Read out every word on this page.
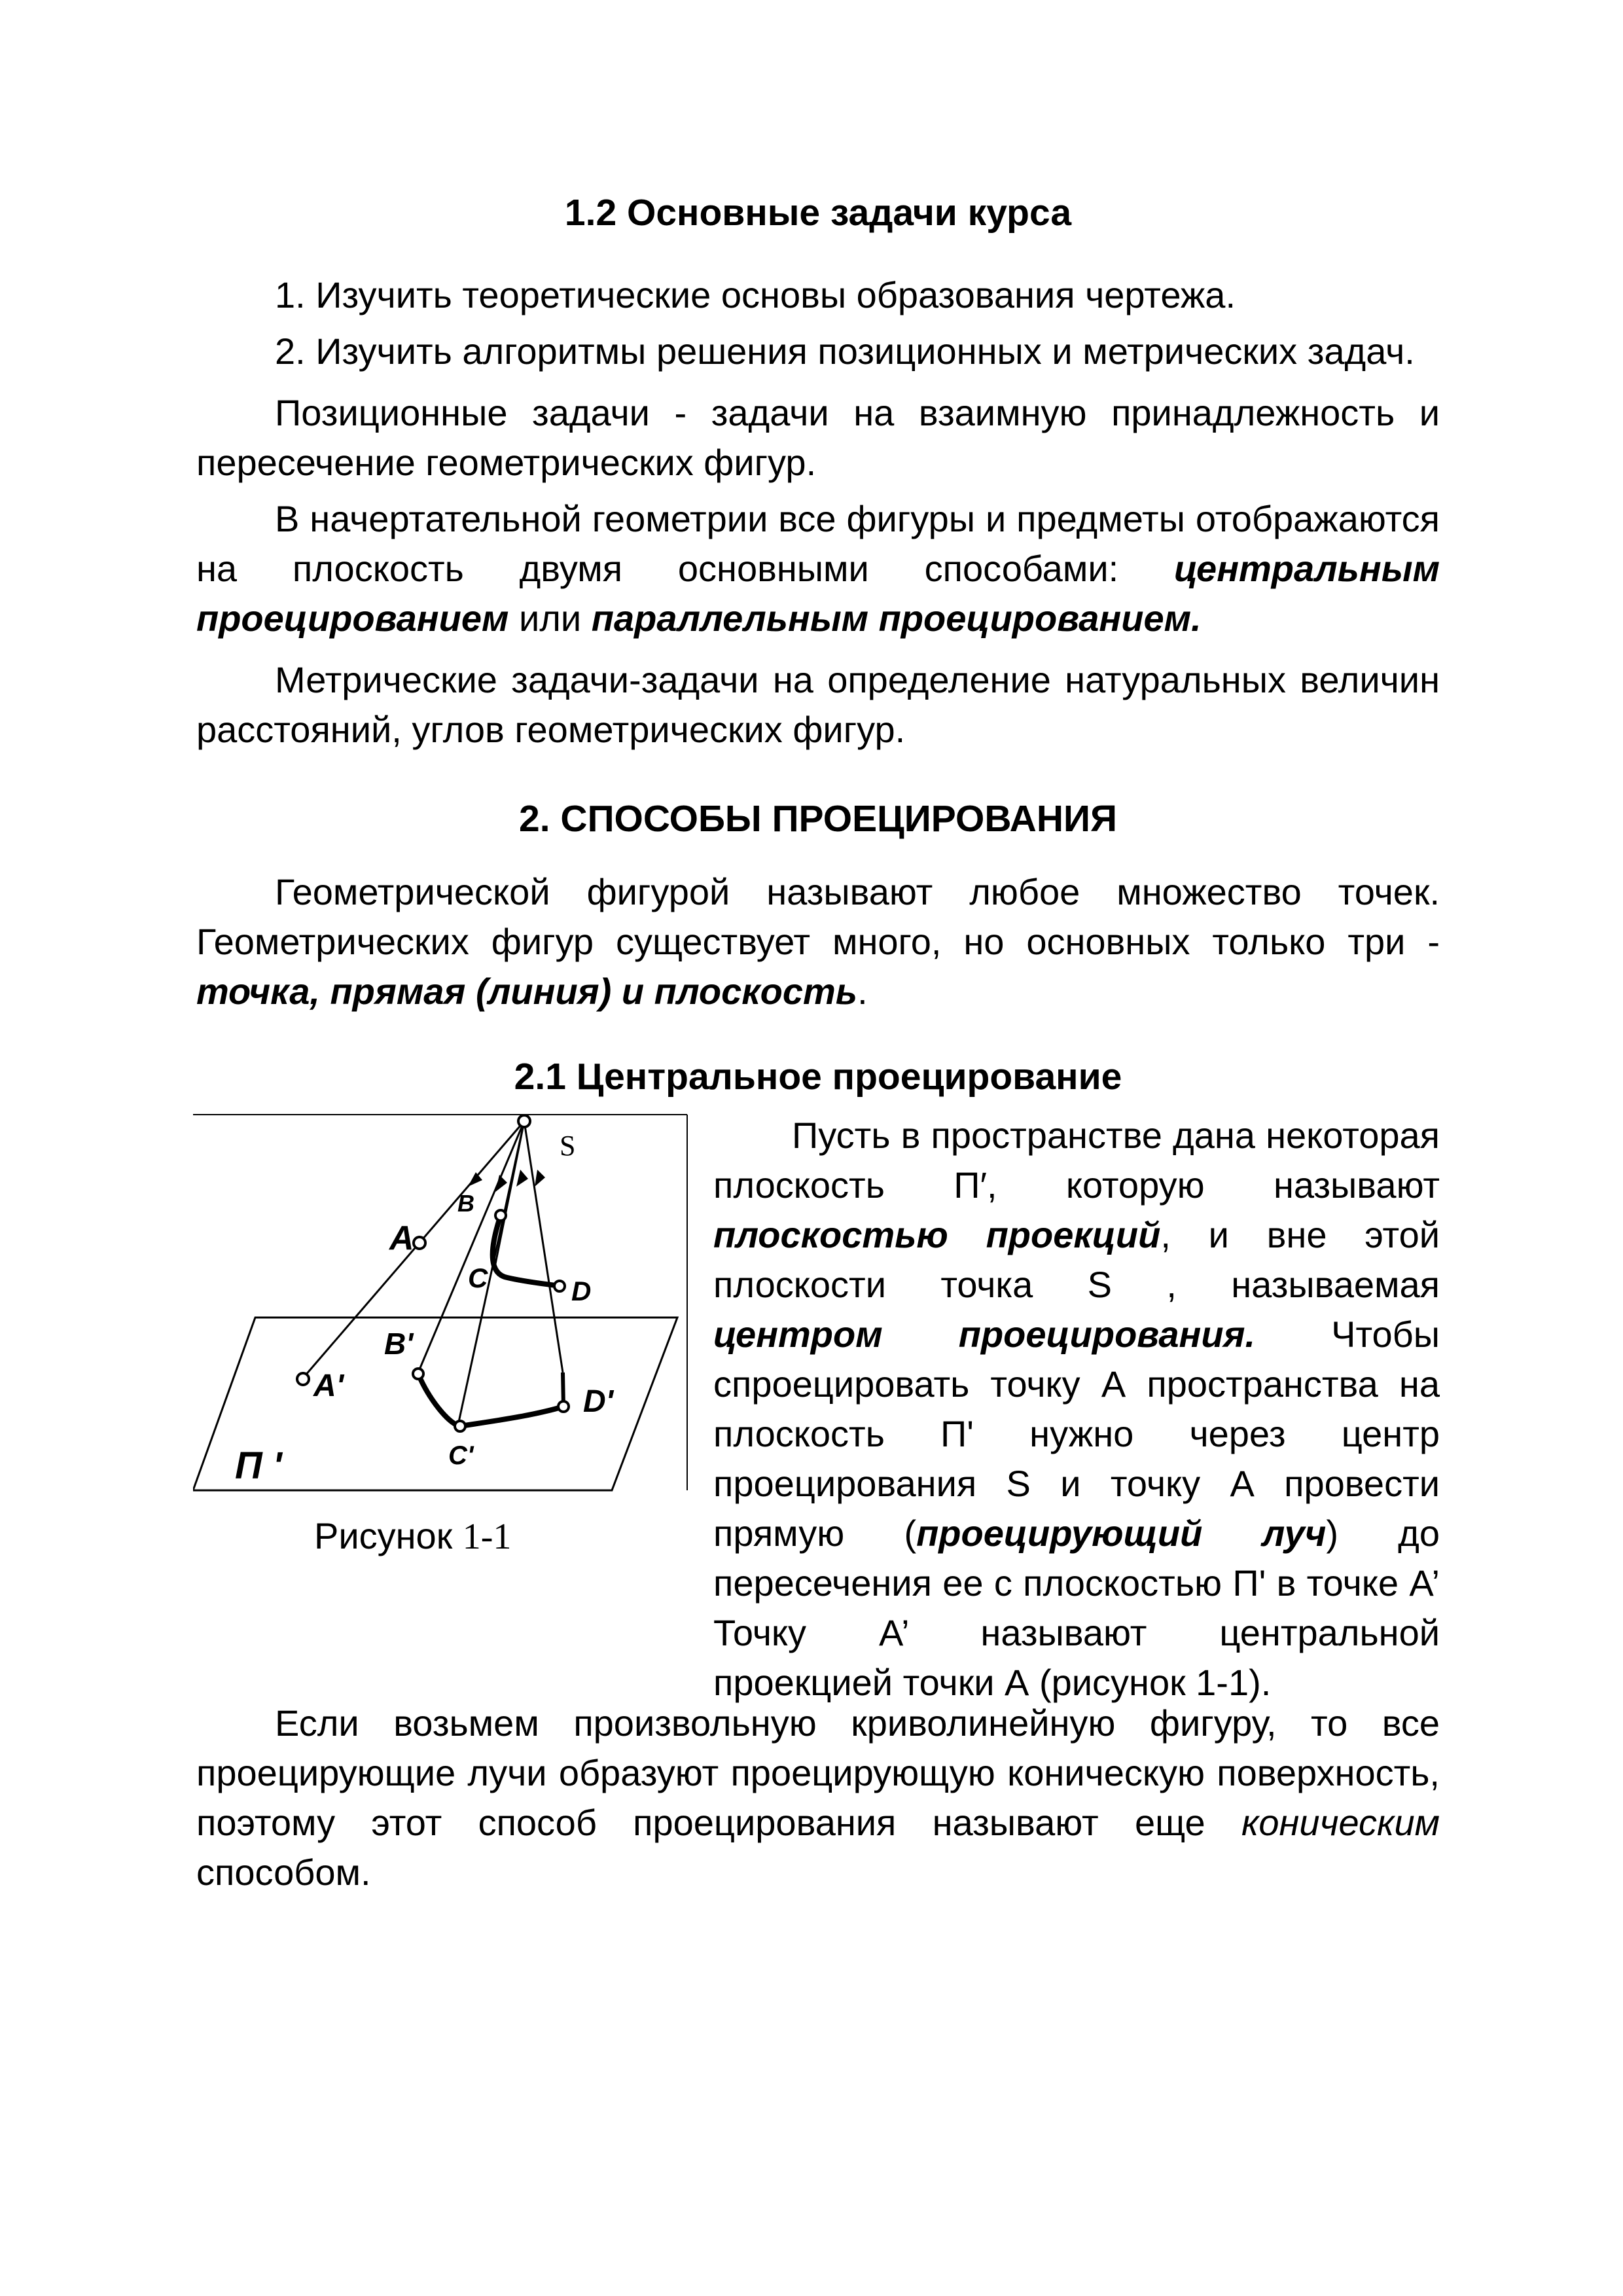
1.2 Основные задачи курса

1. Изучить теоретические основы образования чертежа.

2. Изучить алгоритмы решения позиционных и метрических задач.

Позиционные задачи - задачи на взаимную принадлежность и пересечение геометрических фигур.

В начертательной геометрии все фигуры и предметы отображаются на плоскость двумя основными способами: центральным проецированием или параллельным проецированием.

Метрические задачи-задачи на определение натуральных величин расстояний, углов геометрических фигур.

2. СПОСОБЫ ПРОЕЦИРОВАНИЯ

Геометрической фигурой называют любое множество точек. Геометрических фигур существует много, но основных только три - точка, прямая (линия) и плоскость.

2.1 Центральное проецирование
S
A
B
C	D
A'
B'
C'
D'
П '
Рисунок 1-1

Пусть в пространстве дана некоторая плоскость П′, которую называют плоскостью проекций, и вне этой плоскости точка S , называемая центром проецирования. Чтобы спроецировать точку А пространства на плоскость П' нужно через центр проецирования S и точку А провести прямую (проецирующий луч) до пересечения ее с плоскостью П' в точке А’ Точку А’ называют центральной проекцией точки А (рисунок 1-1).

Если возьмем произвольную криволинейную фигуру, то все проецирующие лучи образуют проецирующую коническую поверхность, поэтому этот способ проецирования называют еще коническим способом.
